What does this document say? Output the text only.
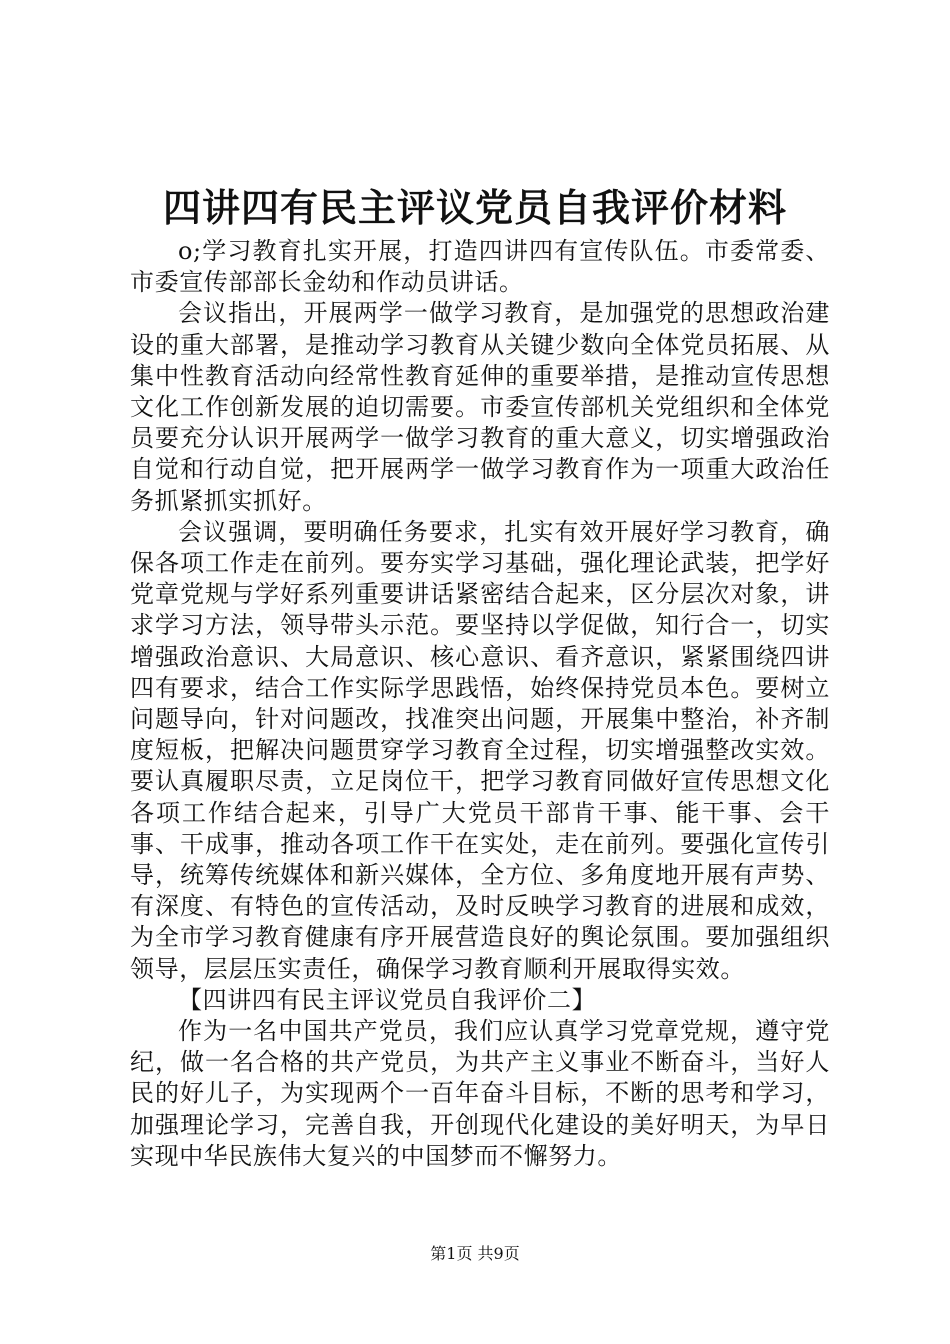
四讲四有民主评议党员自我评价材料

o;学习教育扎实开展，打造四讲四有宣传队伍。市委常委、市委宣传部部长金幼和作动员讲话。

会议指出，开展两学一做学习教育，是加强党的思想政治建设的重大部署，是推动学习教育从关键少数向全体党员拓展、从集中性教育活动向经常性教育延伸的重要举措，是推动宣传思想文化工作创新发展的迫切需要。市委宣传部机关党组织和全体党员要充分认识开展两学一做学习教育的重大意义，切实增强政治自觉和行动自觉，把开展两学一做学习教育作为一项重大政治任务抓紧抓实抓好。

会议强调，要明确任务要求，扎实有效开展好学习教育，确保各项工作走在前列。要夯实学习基础，强化理论武装，把学好党章党规与学好系列重要讲话紧密结合起来，区分层次对象，讲求学习方法，领导带头示范。要坚持以学促做，知行合一，切实增强政治意识、大局意识、核心意识、看齐意识，紧紧围绕四讲四有要求，结合工作实际学思践悟，始终保持党员本色。要树立问题导向，针对问题改，找准突出问题，开展集中整治，补齐制度短板，把解决问题贯穿学习教育全过程，切实增强整改实效。要认真履职尽责，立足岗位干，把学习教育同做好宣传思想文化各项工作结合起来，引导广大党员干部肯干事、能干事、会干事、干成事，推动各项工作干在实处，走在前列。要强化宣传引导，统筹传统媒体和新兴媒体，全方位、多角度地开展有声势、有深度、有特色的宣传活动，及时反映学习教育的进展和成效，为全市学习教育健康有序开展营造良好的舆论氛围。要加强组织领导，层层压实责任，确保学习教育顺利开展取得实效。

【四讲四有民主评议党员自我评价二】

作为一名中国共产党员，我们应认真学习党章党规，遵守党纪，做一名合格的共产党员，为共产主义事业不断奋斗，当好人民的好儿子，为实现两个一百年奋斗目标，不断的思考和学习，加强理论学习，完善自我，开创现代化建设的美好明天，为早日实现中华民族伟大复兴的中国梦而不懈努力。

第1页 共9页
